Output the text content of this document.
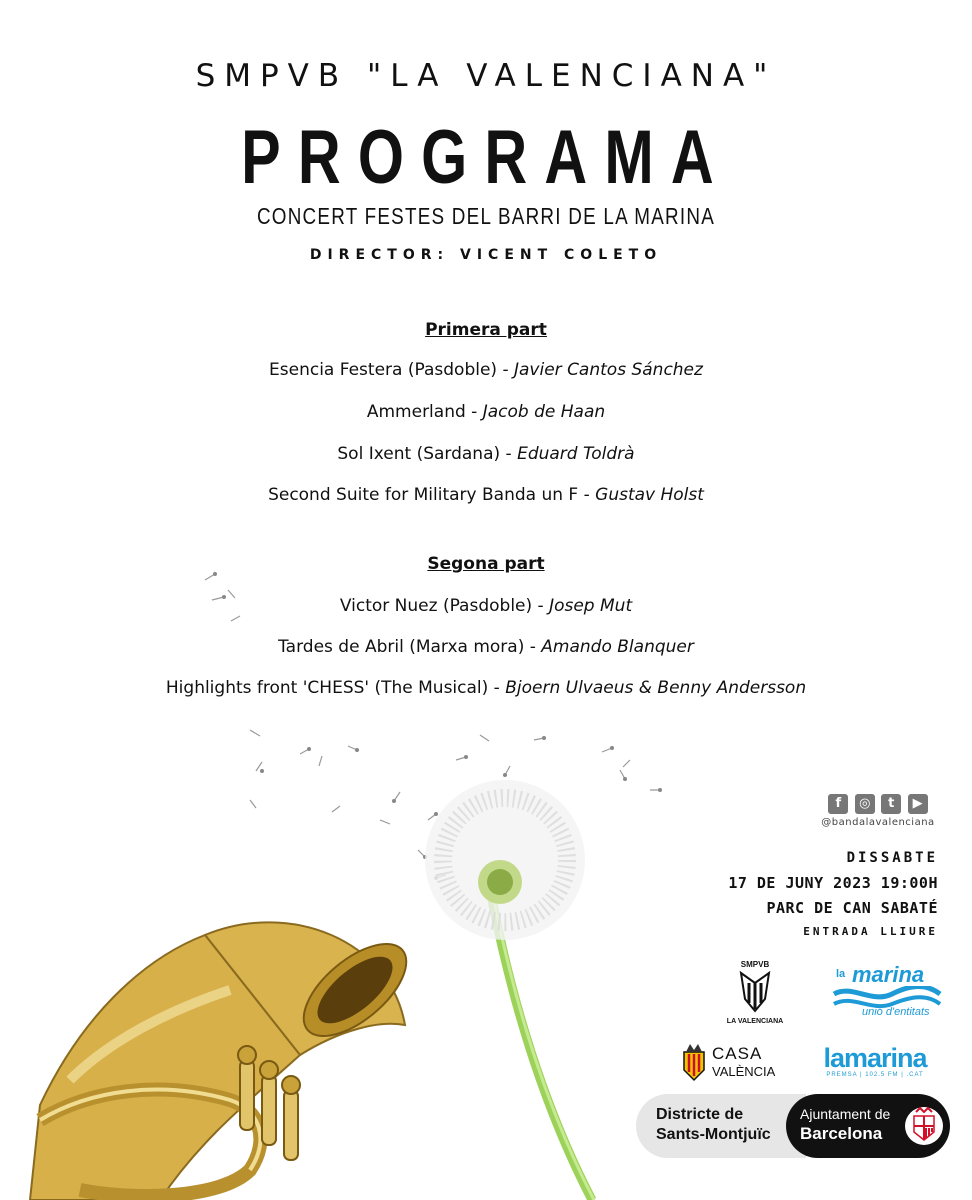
SMPVB "LA VALENCIANA"
PROGRAMA
CONCERT FESTES DEL BARRI DE LA MARINA
DIRECTOR: VICENT COLETO
Primera part
Esencia Festera (Pasdoble) - Javier Cantos Sánchez
Ammerland - Jacob de Haan
Sol Ixent (Sardana) - Eduard Toldrà
Second Suite for Military Banda un F - Gustav Holst
Segona part
Victor Nuez (Pasdoble) - Josep Mut
Tardes de Abril (Marxa mora) - Amando Blanquer
Highlights front 'CHESS' (The Musical) - Bjoern Ulvaeus & Benny Andersson
f ◎ t ▶
@bandalavalenciana
DISSABTE
17 DE JUNY 2023 19:00H
PARC DE CAN SABATÉ
ENTRADA LLIURE
SMPVB
LA VALENCIANA
la marina
unió d'entitats
CASA
VALÈNCIA	lamarina
PREMSA | 102.5 FM | .CAT
Districte de
Sants-Montjuïc
Ajuntament de
Barcelona
